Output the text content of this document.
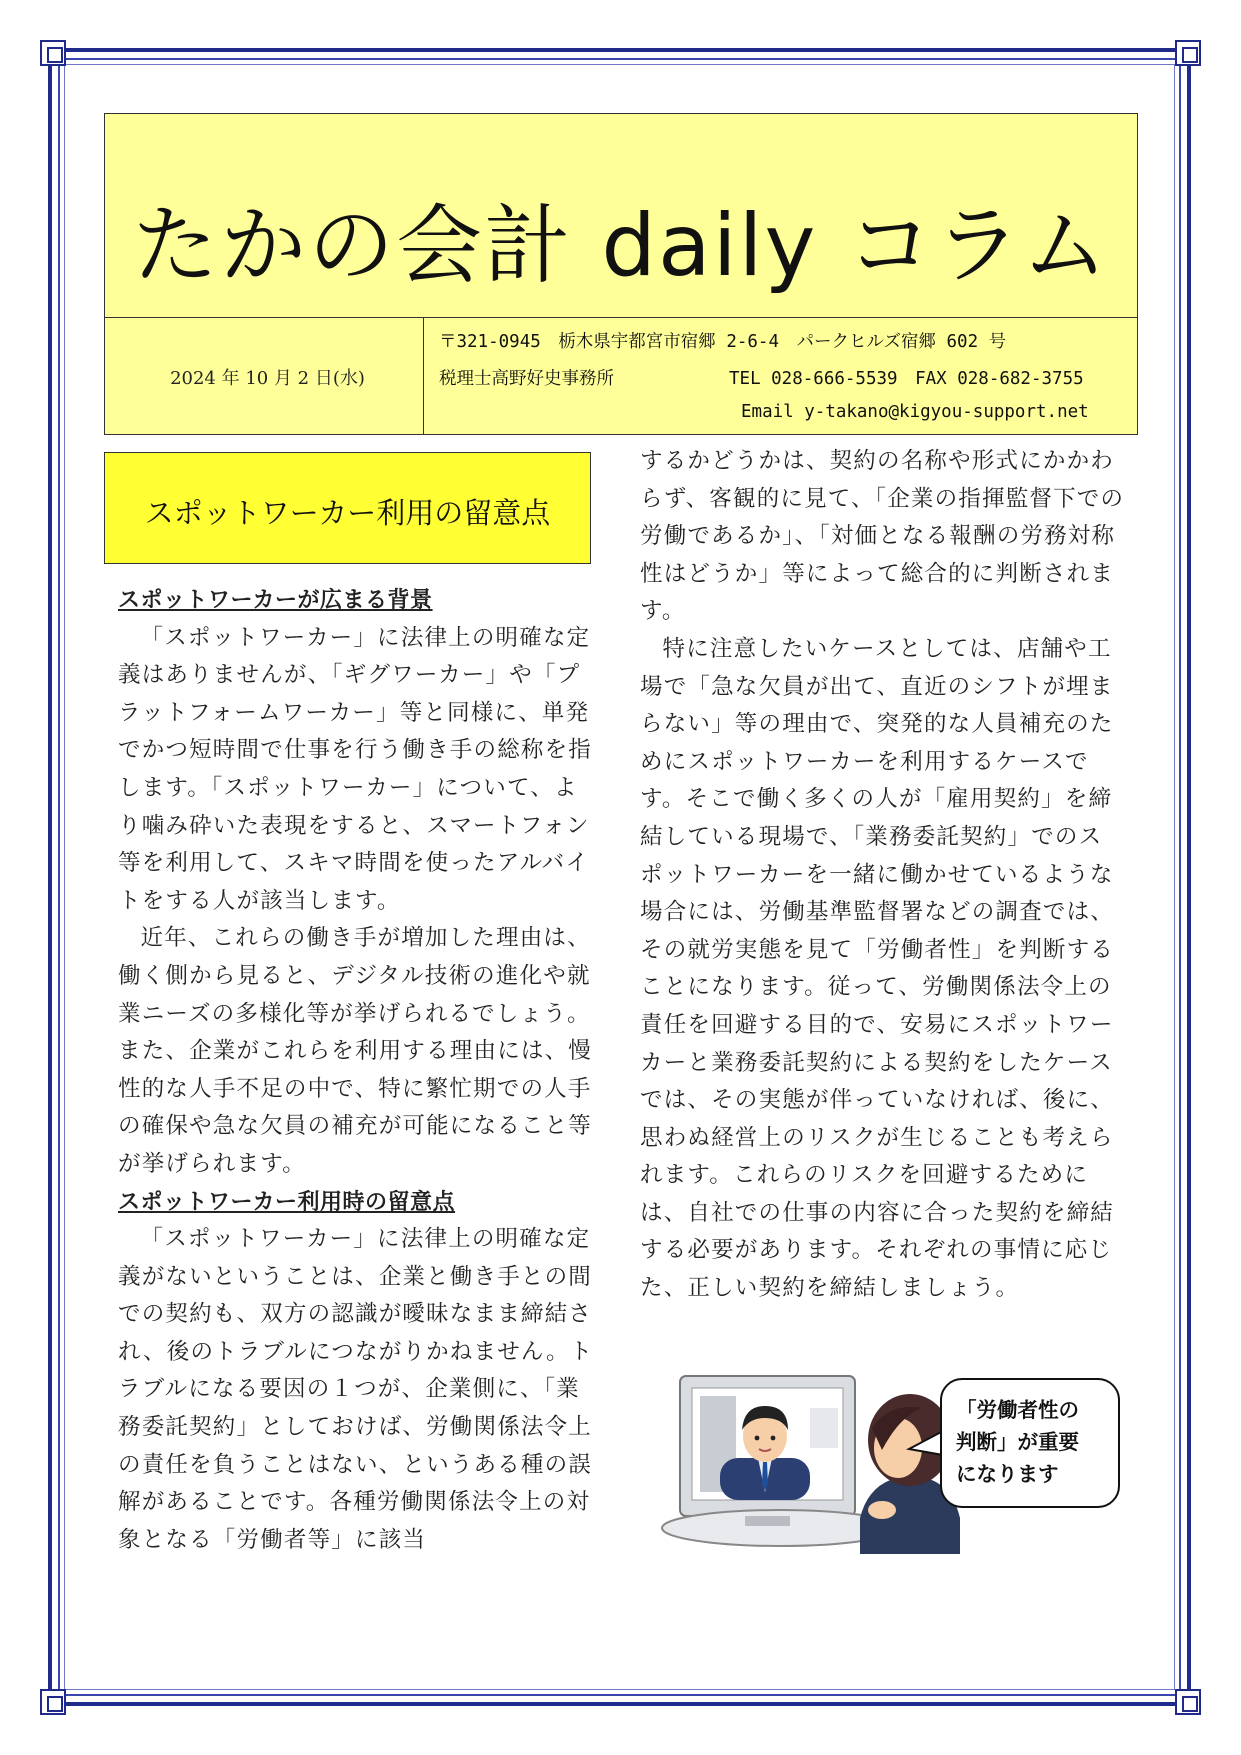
たかの会計 daily コラム
2024 年 10 月 2 日(水)
〒321-0945　栃木県宇都宮市宿郷 2-6-4　パークヒルズ宿郷 602 号
税理士高野好史事務所	TEL 028-666-5539　FAX 028-682-3755
Email y-takano@kigyou-support.net
スポットワーカー利用の留意点

スポットワーカーが広まる背景

「スポットワーカー」に法律上の明確な定義はありませんが、「ギグワーカー」や「プラットフォームワーカー」等と同様に、単発でかつ短時間で仕事を行う働き手の総称を指します。「スポットワーカー」について、より噛み砕いた表現をすると、スマートフォン等を利用して、スキマ時間を使ったアルバイトをする人が該当します。

近年、これらの働き手が増加した理由は、働く側から見ると、デジタル技術の進化や就業ニーズの多様化等が挙げられるでしょう。また、企業がこれらを利用する理由には、慢性的な人手不足の中で、特に繁忙期での人手の確保や急な欠員の補充が可能になること等が挙げられます。

スポットワーカー利用時の留意点

「スポットワーカー」に法律上の明確な定義がないということは、企業と働き手との間での契約も、双方の認識が曖昧なまま締結され、後のトラブルにつながりかねません。トラブルになる要因の１つが、企業側に、「業務委託契約」としておけば、労働関係法令上の責任を負うことはない、というある種の誤解があることです。各種労働関係法令上の対象となる「労働者等」に該当

するかどうかは、契約の名称や形式にかかわらず、客観的に見て、「企業の指揮監督下での労働であるか」、「対価となる報酬の労務対称性はどうか」等によって総合的に判断されます。

特に注意したいケースとしては、店舗や工場で「急な欠員が出て、直近のシフトが埋まらない」等の理由で、突発的な人員補充のためにスポットワーカーを利用するケースです。そこで働く多くの人が「雇用契約」を締結している現場で、「業務委託契約」でのスポットワーカーを一緒に働かせているような場合には、労働基準監督署などの調査では、その就労実態を見て「労働者性」を判断することになります。従って、労働関係法令上の責任を回避する目的で、安易にスポットワーカーと業務委託契約による契約をしたケースでは、その実態が伴っていなければ、後に、思わぬ経営上のリスクが生じることも考えられます。これらのリスクを回避するためには、自社での仕事の内容に合った契約を締結する必要があります。それぞれの事情に応じた、正しい契約を締結しましょう。

「労働者性の
判断」が重要
になります
